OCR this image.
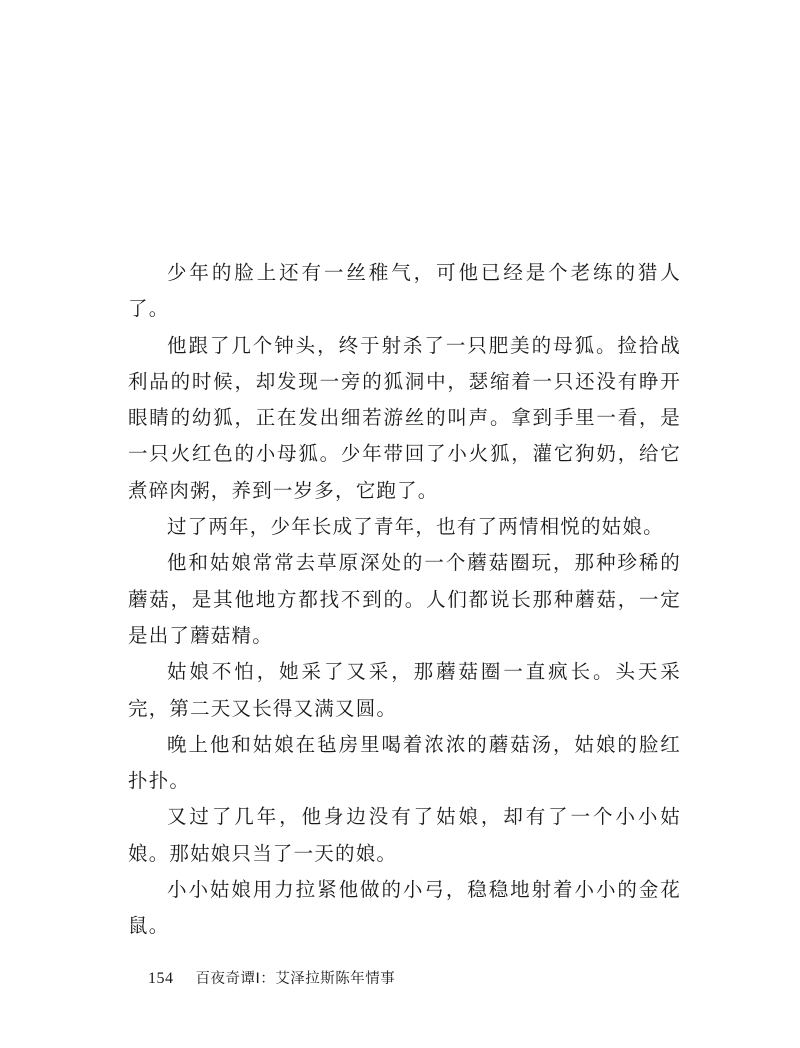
少年的脸上还有一丝稚气，可他已经是个老练的猎人了。

他跟了几个钟头，终于射杀了一只肥美的母狐。捡拾战利品的时候，却发现一旁的狐洞中，瑟缩着一只还没有睁开眼睛的幼狐，正在发出细若游丝的叫声。拿到手里一看，是一只火红色的小母狐。少年带回了小火狐，灌它狗奶，给它煮碎肉粥，养到一岁多，它跑了。

过了两年，少年长成了青年，也有了两情相悦的姑娘。

他和姑娘常常去草原深处的一个蘑菇圈玩，那种珍稀的蘑菇，是其他地方都找不到的。人们都说长那种蘑菇，一定是出了蘑菇精。

姑娘不怕，她采了又采，那蘑菇圈一直疯长。头天采完，第二天又长得又满又圆。

晚上他和姑娘在毡房里喝着浓浓的蘑菇汤，姑娘的脸红扑扑。

又过了几年，他身边没有了姑娘，却有了一个小小姑娘。那姑娘只当了一天的娘。

小小姑娘用力拉紧他做的小弓，稳稳地射着小小的金花鼠。

154 百夜奇谭Ⅰ：艾泽拉斯陈年情事
